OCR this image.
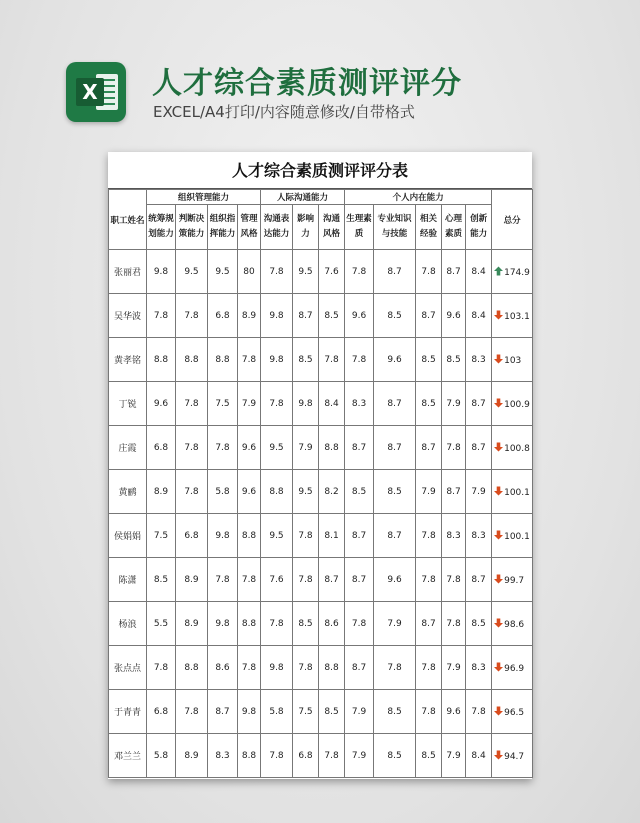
X 人才综合素质测评评分
EXCEL/A4打印/内容随意修改/自带格式
人才综合素质测评评分表
职工姓名	组织管理能力				人际沟通能力			个人内在能力					总分
	统筹规划能力	判断决策能力	组织指挥能力	管理风格	沟通表达能力	影响力	沟通风格	生理素质	专业知识与技能	相关经验	心理素质	创新能力	
张丽君	9.8	9.5	9.5	80	7.8	9.5	7.6	7.8	8.7	7.8	8.7	8.4	174.9
吴华波	7.8	7.8	6.8	8.9	9.8	8.7	8.5	9.6	8.5	8.7	9.6	8.4	103.1
黄孝铭	8.8	8.8	8.8	7.8	9.8	8.5	7.8	7.8	9.6	8.5	8.5	8.3	103
丁锐	9.6	7.8	7.5	7.9	7.8	9.8	8.4	8.3	8.7	8.5	7.9	8.7	100.9
庄霞	6.8	7.8	7.8	9.6	9.5	7.9	8.8	8.7	8.7	8.7	7.8	8.7	100.8
黄鹂	8.9	7.8	5.8	9.6	8.8	9.5	8.2	8.5	8.5	7.9	8.7	7.9	100.1
侯娟娟	7.5	6.8	9.8	8.8	9.5	7.8	8.1	8.7	8.7	7.8	8.3	8.3	100.1
陈潇	8.5	8.9	7.8	7.8	7.6	7.8	8.7	8.7	9.6	7.8	7.8	8.7	99.7
杨浪	5.5	8.9	9.8	8.8	7.8	8.5	8.6	7.8	7.9	8.7	7.8	8.5	98.6
张点点	7.8	8.8	8.6	7.8	9.8	7.8	8.8	8.7	7.8	7.8	7.9	8.3	96.9
于青青	6.8	7.8	8.7	9.8	5.8	7.5	8.5	7.9	8.5	7.8	9.6	7.8	96.5
邓兰兰	5.8	8.9	8.3	8.8	7.8	6.8	7.8	7.9	8.5	8.5	7.9	8.4	94.7
